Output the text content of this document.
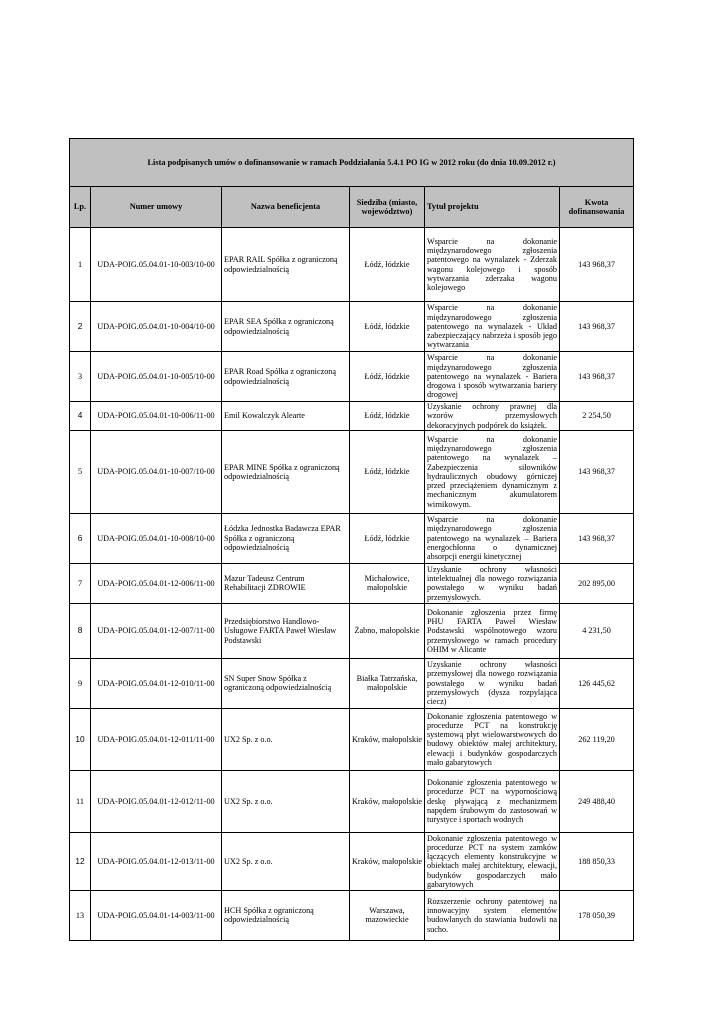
Lista podpisanych umów o dofinansowanie w ramach Poddziałania 5.4.1 PO IG w 2012 roku (do dnia 10.09.2012 r.)					
Lp.	Numer umowy	Nazwa beneficjenta	Siedziba (miasto, województwo)	Tytuł projektu	Kwota dofinansowania
1	UDA-POIG.05.04.01-10-003/10-00	EPAR RAIL Spółka z ograniczoną odpowiedzialnością	Łódź, łódzkie	Wsparcie na dokonanie międzynarodowego zgłoszenia patentowego na wynalazek - Zderzak wagonu kolejowego i sposób wytwarzania zderzaka wagonu kolejowego	143 968,37
2	UDA-POIG.05.04.01-10-004/10-00	EPAR SEA Spółka z ograniczoną odpowiedzialnością	Łódź, łódzkie	Wsparcie na dokonanie międzynarodowego zgłoszenia patentowego na wynalazek - Układ zabezpieczający nabrzeża i sposób jego wytwarzania	143 968,37
3	UDA-POIG.05.04.01-10-005/10-00	EPAR Road Spółka z ograniczoną odpowiedzialnością	Łódź, łódzkie	Wsparcie na dokonanie międzynarodowego zgłoszenia patentowego na wynalazek - Bariera drogowa i sposób wytwarzania bariery drogowej	143 968,37
4	UDA-POIG.05.04.01-10-006/11-00	Emil Kowalczyk Alearte	Łódź, łódzkie	Uzyskanie ochrony prawnej dla wzorów przemysłowych dekoracyjnych podpórek do książek.	2 254,50
5	UDA-POIG.05.04.01-10-007/10-00	EPAR MINE Spółka z ograniczoną odpowiedzialnością	Łódź, łódzkie	Wsparcie na dokonanie międzynarodowego zgłoszenia patentowego na wynalazek – Zabezpieczenia siłowników hydraulicznych obudowy górniczej przed przeciążeniem dynamicznym z mechanicznym akumulatorem wirnikowym.	143 968,37
6	UDA-POIG.05.04.01-10-008/10-00	Łódzka Jednostka Badawcza EPAR Spółka z ograniczoną odpowiedzialnością	Łódź, łódzkie	Wsparcie na dokonanie międzynarodowego zgłoszenia patentowego na wynalazek – Bariera energochłonna o dynamicznej absorpcji energii kinetycznej	143 968,37
7	UDA-POIG.05.04.01-12-006/11-00	Mazur Tadeusz Centrum Rehabilitacji ZDROWIE	Michałowice, małopolskie	Uzyskanie ochrony własności intelektualnej dla nowego rozwiązania powstałego w wyniku badań przemysłowych.	202 895,00
8	UDA-POIG.05.04.01-12-007/11-00	Przedsiębiorstwo Handlowo-Usługowe FARTA Paweł Wiesław Podstawski	Żabno, małopolskie	Dokonanie zgłoszenia przez firmę PHU FARTA Paweł Wiesław Podstawski wspólnotowego wzoru przemysłowego w ramach procedury OHIM w Alicante	4 231,50
9	UDA-POIG.05.04.01-12-010/11-00	SN Super Snow Spółka z ograniczoną odpowiedzialnością	Białka Tatrzańska, małopolskie	Uzyskanie ochrony własności przemysłowej dla nowego rozwiązania powstałego w wyniku badań przemysłowych (dysza rozpylająca ciecz)	126 445,62
10	UDA-POIG.05.04.01-12-011/11-00	UX2 Sp. z o.o.	Kraków, małopolskie	Dokonanie zgłoszenia patentowego w procedurze PCT na konstrukcję systemową płyt wielowarstwowych do budowy obiektów małej architektury, elewacji i budynków gospodarczych mało gabarytowych	262 119,20
11	UDA-POIG.05.04.01-12-012/11-00	UX2 Sp. z o.o.	Kraków, małopolskie	Dokonanie zgłoszenia patentowego w procedurze PCT na wypornościową deskę pływającą z mechanizmem napędem śrubowym do zastosowań w turystyce i sportach wodnych	249 488,40
12	UDA-POIG.05.04.01-12-013/11-00	UX2 Sp. z o.o.	Kraków, małopolskie	Dokonanie zgłoszenia patentowego w procedurze PCT na system zamków łączących elementy konstrukcyjne w obiektach małej architektury, elewacji, budynków gospodarczych mało gabarytowych	188 850,33
13	UDA-POIG.05.04.01-14-003/11-00	HCH Spółka z ograniczoną odpowiedzialnością	Warszawa, mazowieckie	Rozszerzenie ochrony patentowej na innowacyjny system elementów budowlanych do stawiania budowli na sucho.	178 050,39
